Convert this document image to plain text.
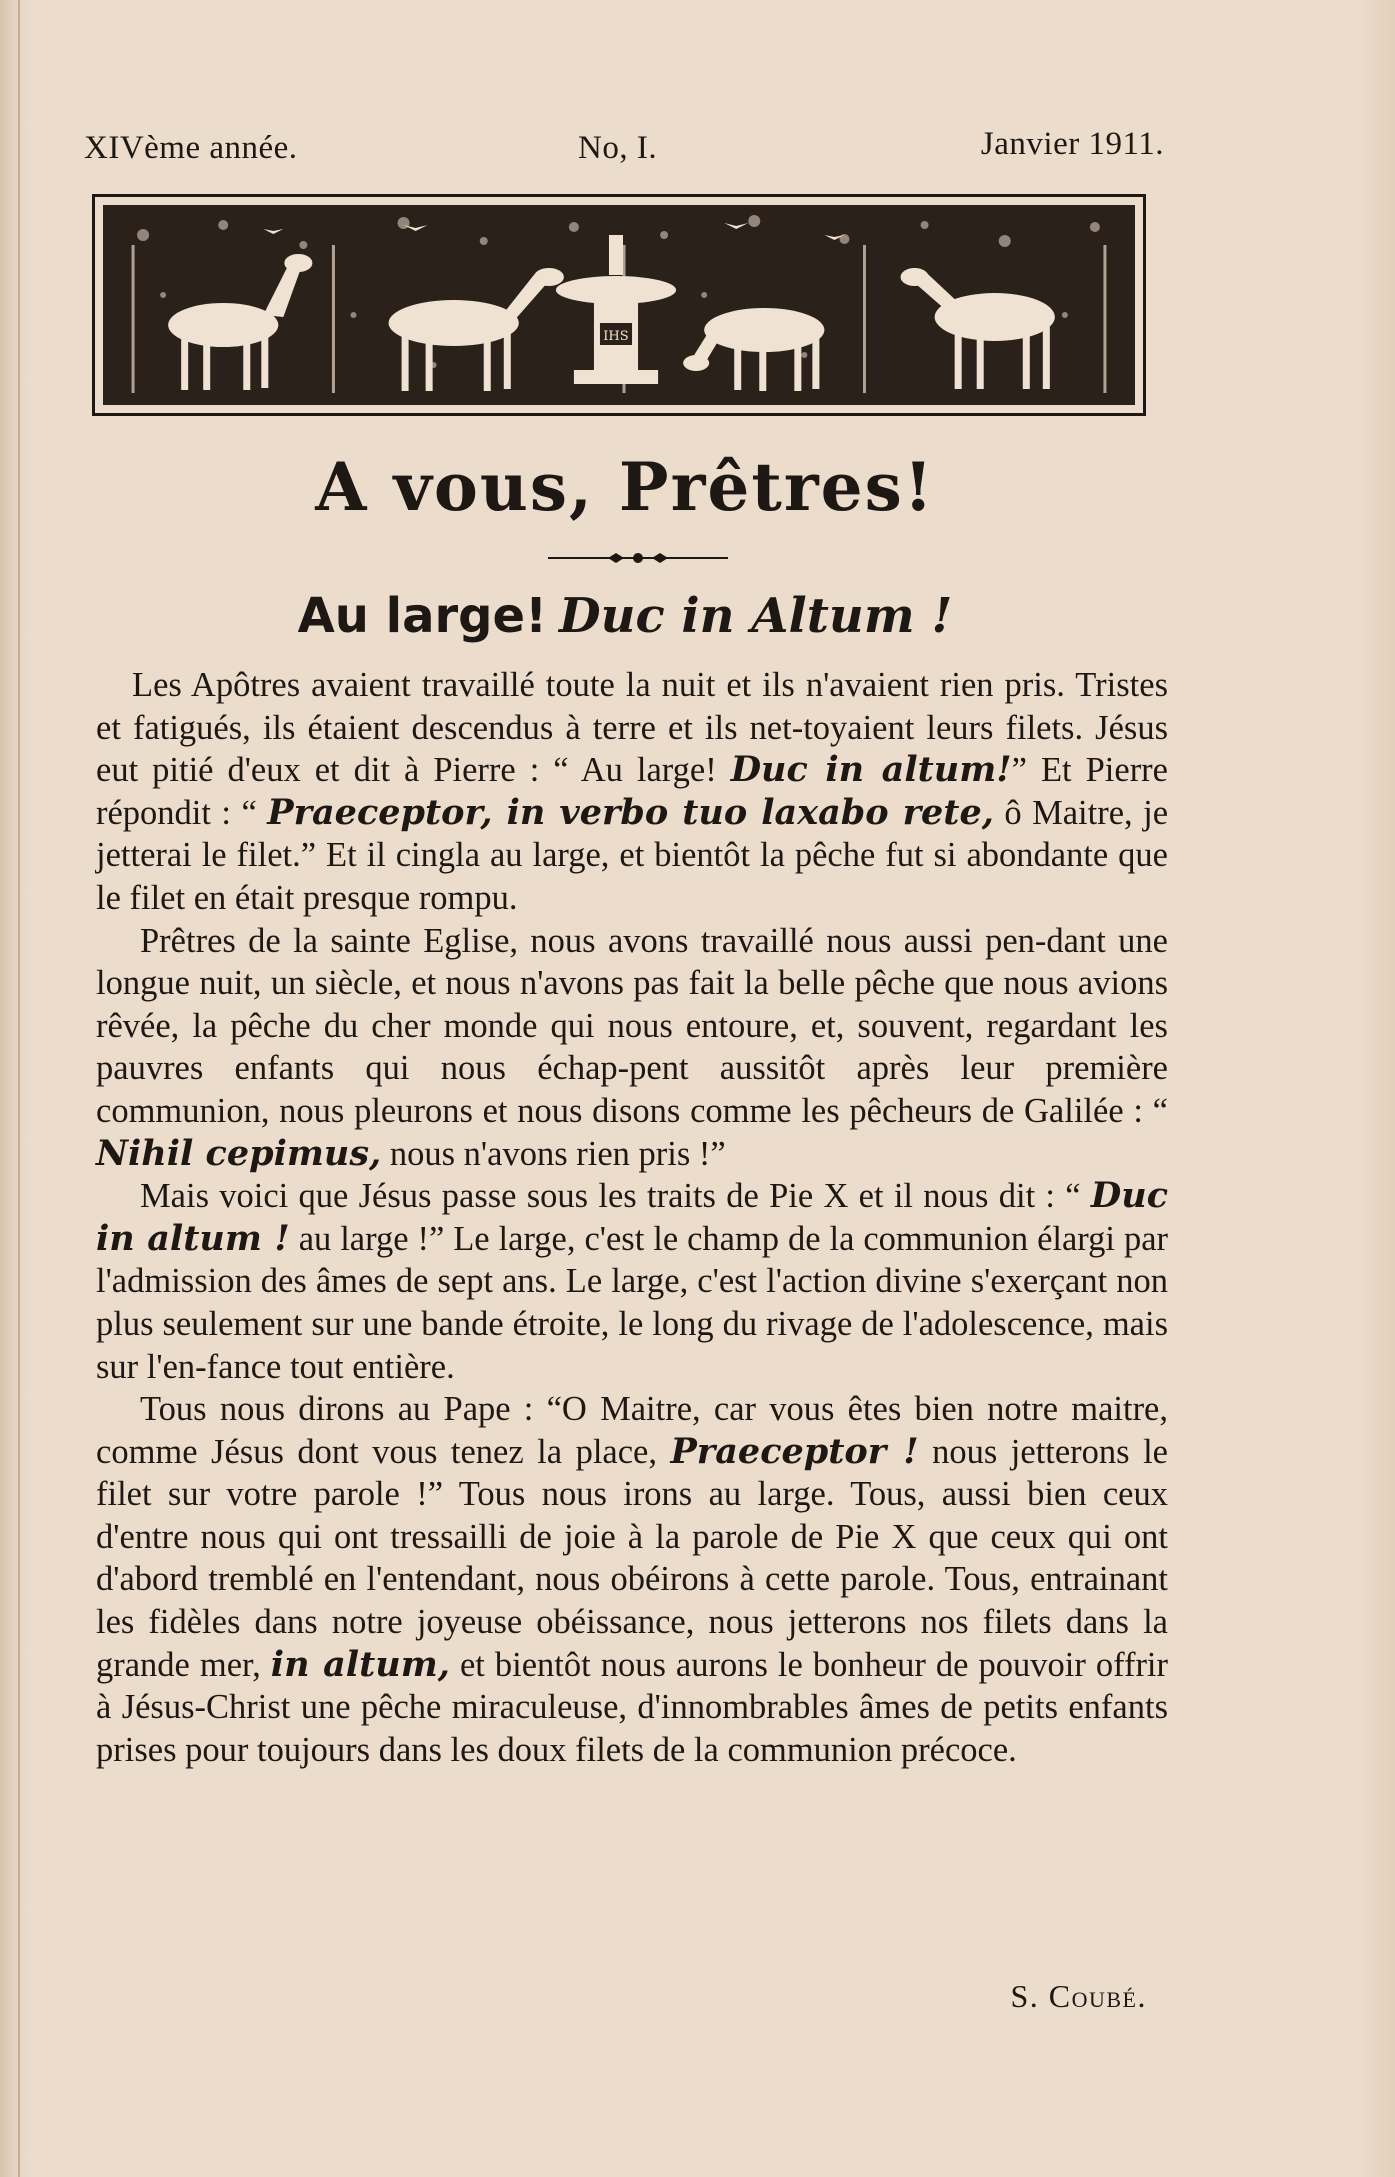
XIVème année.	No, I.	Janvier 1911.
IHS
A vous, Prêtres!
Au large! Duc in Altum !

Les Apôtres avaient travaillé toute la nuit et ils n'avaient rien pris. Tristes et fatigués, ils étaient descendus à terre et ils net-toyaient leurs filets. Jésus eut pitié d'eux et dit à Pierre : “ Au large! Duc in altum!” Et Pierre répondit : “ Praeceptor, in verbo tuo laxabo rete, ô Maitre, je jetterai le filet.” Et il cingla au large, et bientôt la pêche fut si abondante que le filet en était presque rompu.

Prêtres de la sainte Eglise, nous avons travaillé nous aussi pen-dant une longue nuit, un siècle, et nous n'avons pas fait la belle pêche que nous avions rêvée, la pêche du cher monde qui nous entoure, et, souvent, regardant les pauvres enfants qui nous échap-pent aussitôt après leur première communion, nous pleurons et nous disons comme les pêcheurs de Galilée : “ Nihil cepimus, nous n'avons rien pris !”

Mais voici que Jésus passe sous les traits de Pie X et il nous dit : “ Duc in altum ! au large !” Le large, c'est le champ de la communion élargi par l'admission des âmes de sept ans. Le large, c'est l'action divine s'exerçant non plus seulement sur une bande étroite, le long du rivage de l'adolescence, mais sur l'en-fance tout entière.

Tous nous dirons au Pape : “O Maitre, car vous êtes bien notre maitre, comme Jésus dont vous tenez la place, Praeceptor ! nous jetterons le filet sur votre parole !” Tous nous irons au large. Tous, aussi bien ceux d'entre nous qui ont tressailli de joie à la parole de Pie X que ceux qui ont d'abord tremblé en l'entendant, nous obéirons à cette parole. Tous, entrainant les fidèles dans notre joyeuse obéissance, nous jetterons nos filets dans la grande mer, in altum, et bientôt nous aurons le bonheur de pouvoir offrir à Jésus-Christ une pêche miraculeuse, d'innombrables âmes de petits enfants prises pour toujours dans les doux filets de la communion précoce.

S. Coubé.
